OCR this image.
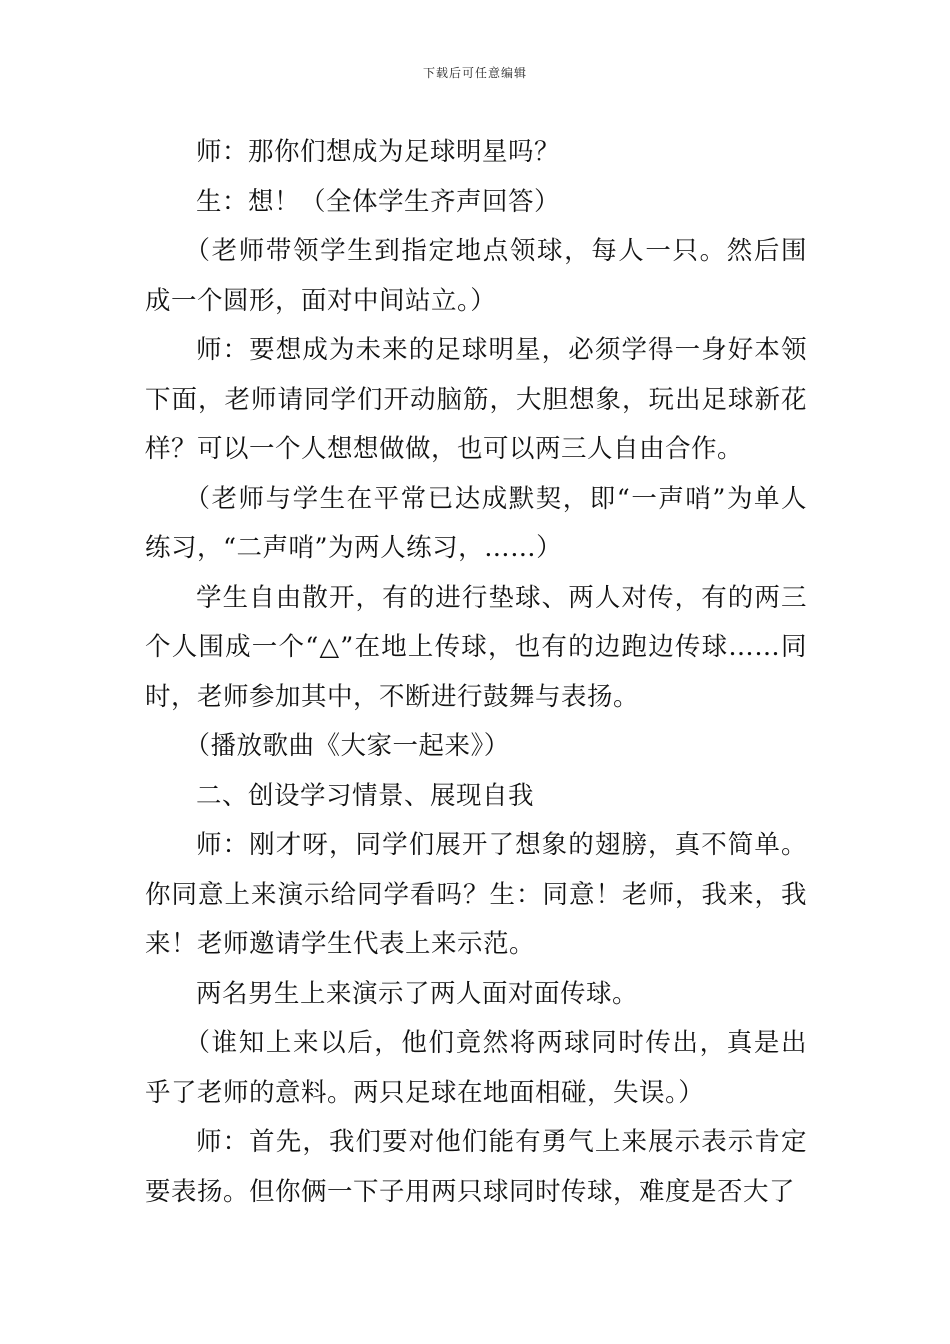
下载后可任意编辑

师：那你们想成为足球明星吗？

生：想！（全体学生齐声回答）

（老师带领学生到指定地点领球，每人一只。然后围成一个圆形，面对中间站立。）

师：要想成为未来的足球明星，必须学得一身好本领下面，老师请同学们开动脑筋，大胆想象，玩出足球新花样？可以一个人想想做做，也可以两三人自由合作。

（老师与学生在平常已达成默契，即“一声哨”为单人练习，“二声哨”为两人练习，……）

学生自由散开，有的进行垫球、两人对传，有的两三个人围成一个“△”在地上传球，也有的边跑边传球……同时，老师参加其中，不断进行鼓舞与表扬。

（播放歌曲《大家一起来》）

二、创设学习情景、展现自我

师：刚才呀，同学们展开了想象的翅膀，真不简单。你同意上来演示给同学看吗？生：同意！老师，我来，我来！老师邀请学生代表上来示范。

两名男生上来演示了两人面对面传球。

（谁知上来以后，他们竟然将两球同时传出，真是出乎了老师的意料。两只足球在地面相碰，失误。）

师：首先，我们要对他们能有勇气上来展示表示肯定要表扬。但你俩一下子用两只球同时传球，难度是否大了
